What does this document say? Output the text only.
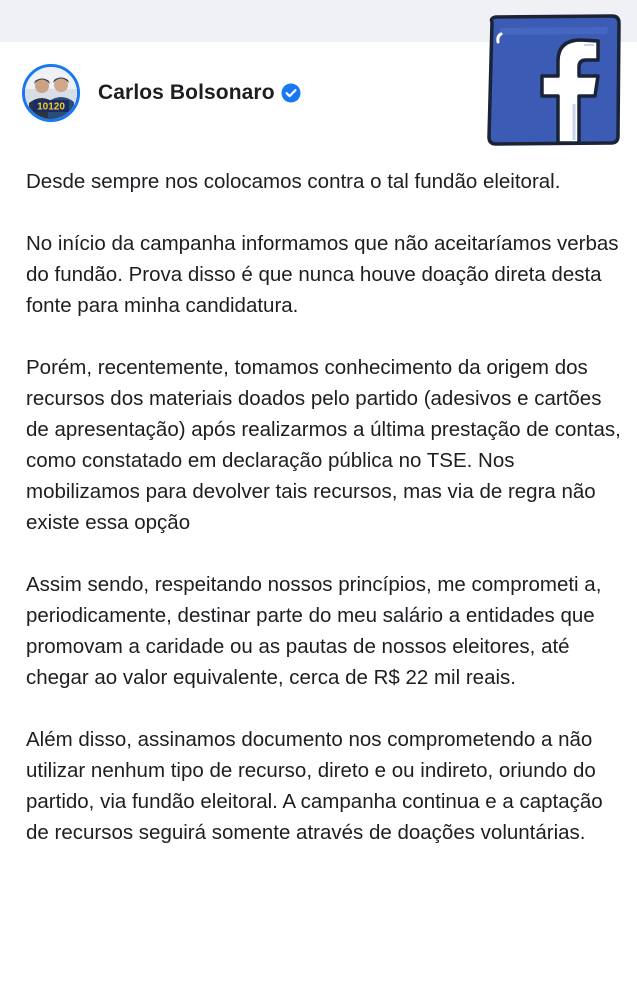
10120
Carlos Bolsonaro

Desde sempre nos colocamos contra o tal fundão eleitoral.

No início da campanha informamos que não aceitaríamos verbas do fundão. Prova disso é que nunca houve doação direta desta fonte para minha candidatura.

Porém, recentemente, tomamos conhecimento da origem dos recursos dos materiais doados pelo partido (adesivos e cartões de apresentação) após realizarmos a última prestação de contas, como constatado em declaração pública no TSE. Nos mobilizamos para devolver tais recursos, mas via de regra não existe essa opção

Assim sendo, respeitando nossos princípios, me comprometi a, periodicamente, destinar parte do meu salário a entidades que promovam a caridade ou as pautas de nossos eleitores, até chegar ao valor equivalente, cerca de R$ 22 mil reais.

Além disso, assinamos documento nos comprometendo a não utilizar nenhum tipo de recurso, direto e ou indireto, oriundo do partido, via fundão eleitoral. A campanha continua e a captação de recursos seguirá somente através de doações voluntárias.
